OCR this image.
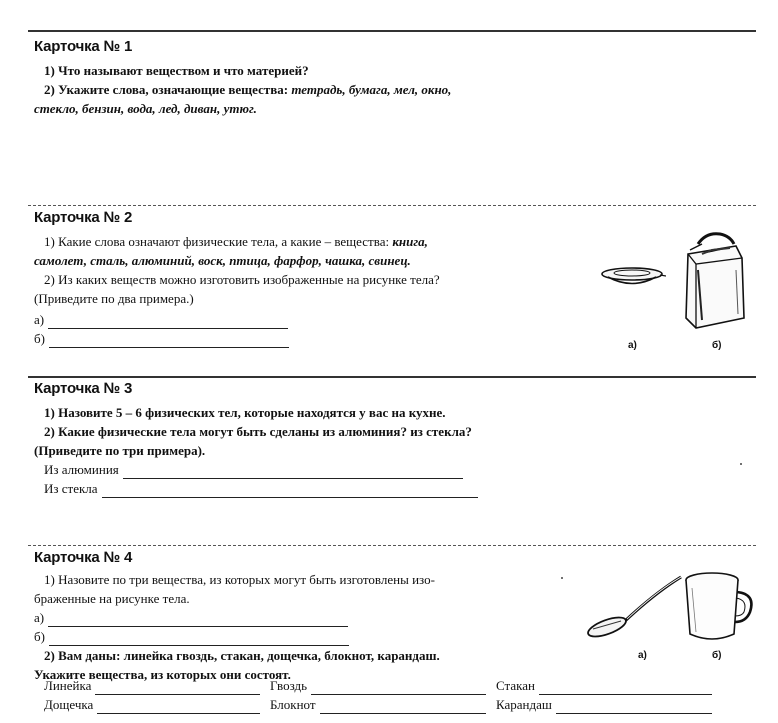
Карточка № 1

1) Что называют веществом и что материей?

2) Укажите слова, означающие вещества: тетрадь, бумага, мел, окно,

стекло, бензин, вода, лед, диван, утюг.

Карточка № 2

1) Какие слова означают физические тела, а какие – вещества: книга,

самолет, сталь, алюминий, воск, птица, фарфор, чашка, свинец.

2) Из каких веществ можно изготовить изображенные на рисунке тела?

(Приведите по два примера.)

а)
б)	а)	б)
Карточка № 3

1) Назовите 5 – 6 физических тел, которые находятся у вас на кухне.

2) Какие физические тела могут быть сделаны из алюминия? из стекла?

(Приведите по три примера).

Из алюминия
Из стекла
Карточка № 4

1) Назовите по три вещества, из которых могут быть изготовлены изо-

браженные на рисунке тела.

а)
б)

2) Вам даны: линейка гвоздь, стакан, дощечка, блокнот, карандаш.

Укажите вещества, из которых они состоят.

Линейка	Гвоздь	Стакан
Дощечка	Блокнот	Карандаш
а)	б)
